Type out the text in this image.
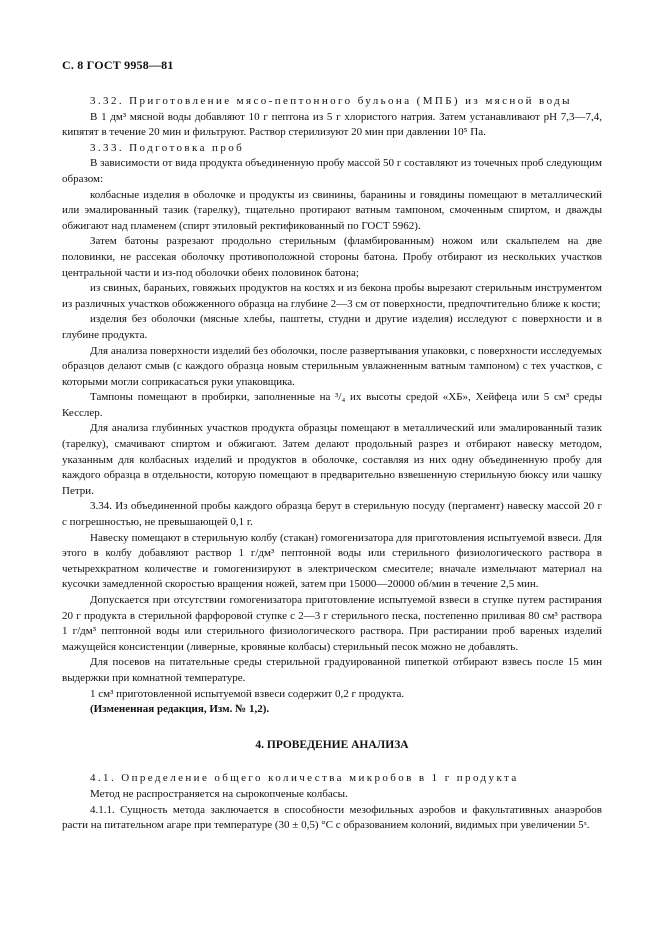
С. 8 ГОСТ 9958—81

3.32. Приготовление мясо-пептонного бульона (МПБ) из мясной воды

В 1 дм³ мясной воды добавляют 10 г пептона из 5 г хлористого натрия. Затем устанавливают рН 7,3—7,4, кипятят в течение 20 мин и фильтруют. Раствор стерилизуют 20 мин при давлении 10⁵ Па.

3.33. Подготовка проб

В зависимости от вида продукта объединенную пробу массой 50 г составляют из точечных проб следующим образом:

колбасные изделия в оболочке и продукты из свинины, баранины и говядины помещают в металлический или эмалированный тазик (тарелку), тщательно протирают ватным тампоном, смоченным спиртом, и дважды обжигают над пламенем (спирт этиловый ректификованный по ГОСТ 5962).

Затем батоны разрезают продольно стерильным (фламбированным) ножом или скальпелем на две половинки, не рассекая оболочку противоположной стороны батона. Пробу отбирают из нескольких участков центральной части и из-под оболочки обеих половинок батона;

из свиных, бараньих, говяжьих продуктов на костях и из бекона пробы вырезают стерильным инструментом из различных участков обожженного образца на глубине 2—3 см от поверхности, предпочтительно ближе к кости;

изделия без оболочки (мясные хлебы, паштеты, студни и другие изделия) исследуют с поверхности и в глубине продукта.

Для анализа поверхности изделий без оболочки, после развертывания упаковки, с поверхности исследуемых образцов делают смыв (с каждого образца новым стерильным увлажненным ватным тампоном) с тех участков, с которыми могли соприкасаться руки упаковщика.

Тампоны помещают в пробирки, заполненные на ³/₄ их высоты средой «ХБ», Хейфеца или 5 см³ среды Кесслер.

Для анализа глубинных участков продукта образцы помещают в металлический или эмалированный тазик (тарелку), смачивают спиртом и обжигают. Затем делают продольный разрез и отбирают навеску методом, указанным для колбасных изделий и продуктов в оболочке, составляя из них одну объединенную пробу для каждого образца в отдельности, которую помещают в предварительно взвешенную стерильную бюксу или чашку Петри.

3.34. Из объединенной пробы каждого образца берут в стерильную посуду (пергамент) навеску массой 20 г с погрешностью, не превышающей 0,1 г.

Навеску помещают в стерильную колбу (стакан) гомогенизатора для приготовления испытуемой взвеси. Для этого в колбу добавляют раствор 1 г/дм³ пептонной воды или стерильного физиологического раствора в четырехкратном количестве и гомогенизируют в электрическом смесителе; вначале измельчают материал на кусочки замедленной скоростью вращения ножей, затем при 15000—20000 об/мин в течение 2,5 мин.

Допускается при отсутствии гомогенизатора приготовление испытуемой взвеси в ступке путем растирания 20 г продукта в стерильной фарфоровой ступке с 2—3 г стерильного песка, постепенно приливая 80 см³ раствора 1 г/дм³ пептонной воды или стерильного физиологического раствора. При растирании проб вареных изделий мажущейся консистенции (ливерные, кровяные колбасы) стерильный песок можно не добавлять.

Для посевов на питательные среды стерильной градуированной пипеткой отбирают взвесь после 15 мин выдержки при комнатной температуре.

1 см³ приготовленной испытуемой взвеси содержит 0,2 г продукта.

(Измененная редакция, Изм. № 1,2).

4. ПРОВЕДЕНИЕ АНАЛИЗА

4.1. Определение общего количества микробов в 1 г продукта

Метод не распространяется на сырокопченые колбасы.

4.1.1. Сущность метода заключается в способности мезофильных аэробов и факультативных анаэробов расти на питательном агаре при температуре (30 ± 0,5) °С с образованием колоний, видимых при увеличении 5ˣ.
